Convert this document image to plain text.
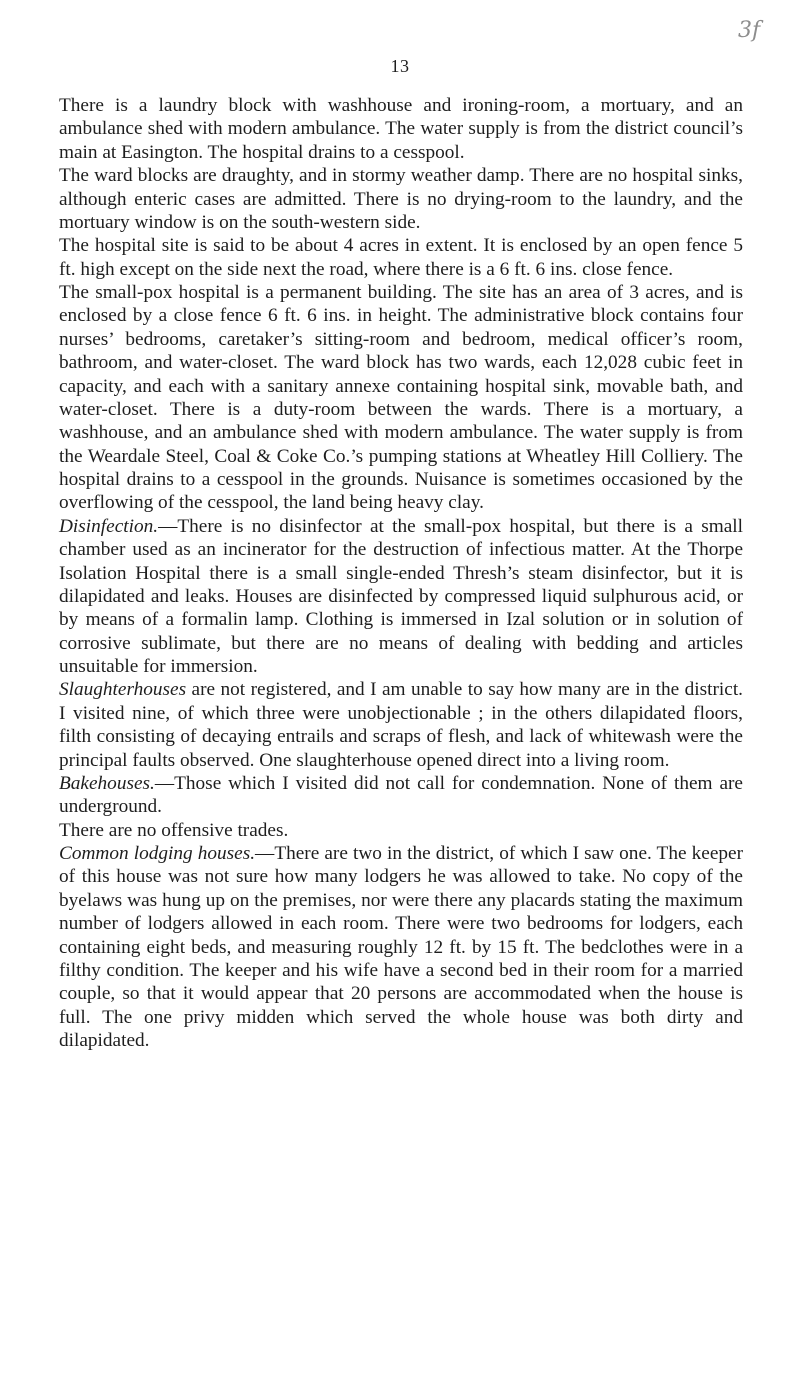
3f
13

There is a laundry block with washhouse and ironing-room, a mortuary, and an ambulance shed with modern ambulance. The water supply is from the district council’s main at Easington. The hospital drains to a cesspool.

The ward blocks are draughty, and in stormy weather damp. There are no hospital sinks, although enteric cases are admitted. There is no drying-room to the laundry, and the mortuary window is on the south-western side.

The hospital site is said to be about 4 acres in extent. It is enclosed by an open fence 5 ft. high except on the side next the road, where there is a 6 ft. 6 ins. close fence.

The small-pox hospital is a permanent building. The site has an area of 3 acres, and is enclosed by a close fence 6 ft. 6 ins. in height. The administrative block contains four nurses’ bedrooms, caretaker’s sitting-room and bedroom, medical officer’s room, bathroom, and water-closet. The ward block has two wards, each 12,028 cubic feet in capacity, and each with a sanitary annexe containing hospital sink, movable bath, and water-closet. There is a duty-room between the wards. There is a mortuary, a washhouse, and an ambulance shed with modern ambulance. The water supply is from the Weardale Steel, Coal & Coke Co.’s pumping stations at Wheatley Hill Colliery. The hospital drains to a cesspool in the grounds. Nuisance is sometimes occasioned by the overflowing of the cesspool, the land being heavy clay.

Disinfection.—There is no disinfector at the small-pox hospital, but there is a small chamber used as an incinerator for the destruction of infectious matter. At the Thorpe Isolation Hospital there is a small single-ended Thresh’s steam disinfector, but it is dilapidated and leaks. Houses are disinfected by compressed liquid sulphurous acid, or by means of a formalin lamp. Clothing is immersed in Izal solution or in solution of corrosive sublimate, but there are no means of dealing with bedding and articles unsuitable for immersion.

Slaughterhouses are not registered, and I am unable to say how many are in the district. I visited nine, of which three were unobjectionable ; in the others dilapidated floors, filth consisting of decaying entrails and scraps of flesh, and lack of whitewash were the principal faults observed. One slaughterhouse opened direct into a living room.

Bakehouses.—Those which I visited did not call for condemnation. None of them are underground.

There are no offensive trades.

Common lodging houses.—There are two in the district, of which I saw one. The keeper of this house was not sure how many lodgers he was allowed to take. No copy of the byelaws was hung up on the premises, nor were there any placards stating the maximum number of lodgers allowed in each room. There were two bedrooms for lodgers, each containing eight beds, and measuring roughly 12 ft. by 15 ft. The bedclothes were in a filthy condition. The keeper and his wife have a second bed in their room for a married couple, so that it would appear that 20 persons are accommodated when the house is full. The one privy midden which served the whole house was both dirty and dilapidated.
